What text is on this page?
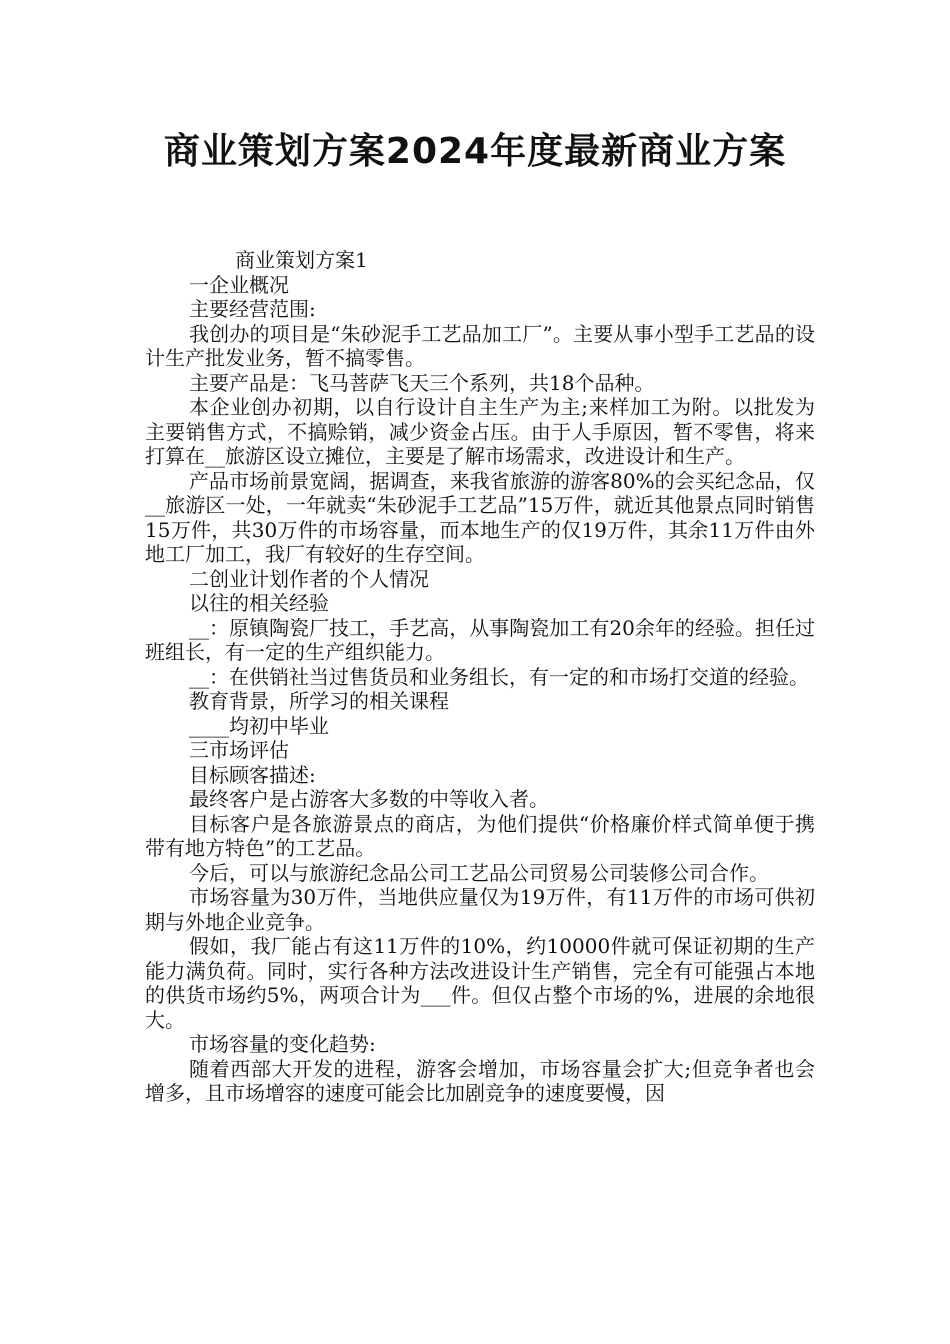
商业策划方案2024年度最新商业方案

商业策划方案1

一企业概况

主要经营范围:

我创办的项目是“朱砂泥手工艺品加工厂”。主要从事小型手工艺品的设计生产批发业务，暂不搞零售。

主要产品是：飞马菩萨飞天三个系列，共18个品种。

本企业创办初期，以自行设计自主生产为主;来样加工为附。以批发为主要销售方式，不搞赊销，减少资金占压。由于人手原因，暂不零售，将来打算在__旅游区设立摊位，主要是了解市场需求，改进设计和生产。

产品市场前景宽阔，据调查，来我省旅游的游客80%的会买纪念品，仅__旅游区一处，一年就卖“朱砂泥手工艺品”15万件，就近其他景点同时销售15万件，共30万件的市场容量，而本地生产的仅19万件，其余11万件由外地工厂加工，我厂有较好的生存空间。

二创业计划作者的个人情况

以往的相关经验

__：原镇陶瓷厂技工，手艺高，从事陶瓷加工有20余年的经验。担任过班组长，有一定的生产组织能力。

__：在供销社当过售货员和业务组长，有一定的和市场打交道的经验。

教育背景，所学习的相关课程

____均初中毕业

三市场评估

目标顾客描述:

最终客户是占游客大多数的中等收入者。

目标客户是各旅游景点的商店，为他们提供“价格廉价样式简单便于携带有地方特色”的工艺品。

今后，可以与旅游纪念品公司工艺品公司贸易公司装修公司合作。

市场容量为30万件，当地供应量仅为19万件，有11万件的市场可供初期与外地企业竞争。

假如，我厂能占有这11万件的10%，约10000件就可保证初期的生产能力满负荷。同时，实行各种方法改进设计生产销售，完全有可能强占本地的供货市场约5%，两项合计为___件。但仅占整个市场的%，进展的余地很大。

市场容量的变化趋势:

随着西部大开发的进程，游客会增加，市场容量会扩大;但竞争者也会增多，且市场增容的速度可能会比加剧竞争的速度要慢，因
